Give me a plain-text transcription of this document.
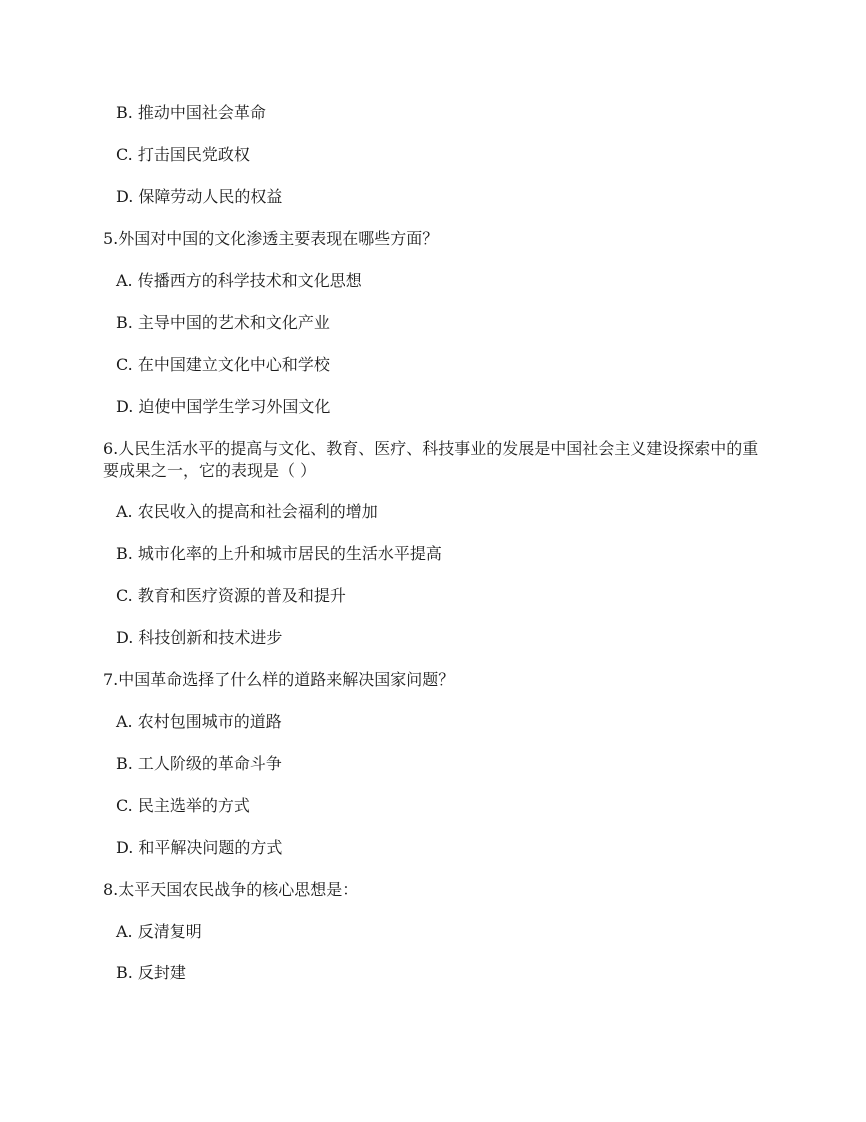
B. 推动中国社会革命
C. 打击国民党政权
D. 保障劳动人民的权益
5.外国对中国的文化渗透主要表现在哪些方面？
A. 传播西方的科学技术和文化思想
B. 主导中国的艺术和文化产业
C. 在中国建立文化中心和学校
D. 迫使中国学生学习外国文化
6.人民生活水平的提高与文化、教育、医疗、科技事业的发展是中国社会主义建设探索中的重要成果之一，它的表现是（ ）
A. 农民收入的提高和社会福利的增加
B. 城市化率的上升和城市居民的生活水平提高
C. 教育和医疗资源的普及和提升
D. 科技创新和技术进步
7.中国革命选择了什么样的道路来解决国家问题？
A. 农村包围城市的道路
B. 工人阶级的革命斗争
C. 民主选举的方式
D. 和平解决问题的方式
8.太平天国农民战争的核心思想是：
A. 反清复明
B. 反封建
